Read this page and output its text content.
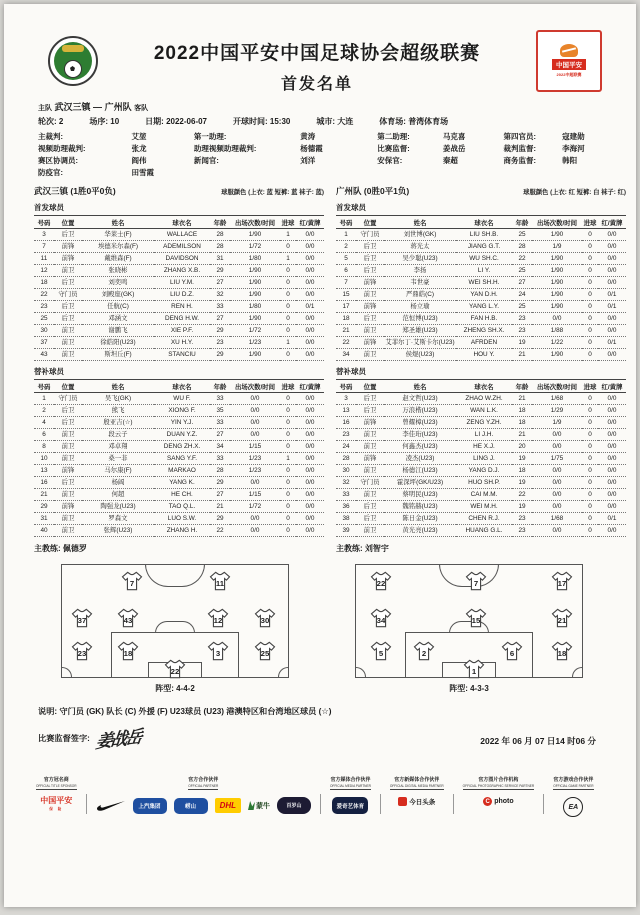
2022中国平安中国足球协会超级联赛
首发名单
中国平安
2022中超联赛
主队 武汉三镇 — 广州队 客队
轮次: 2	场序: 10	日期: 2022-06-07	开球时间: 15:30	城市: 大连	体育场: 普湾体育场
主裁判:	艾堃
视频助理裁判:	张龙
赛区协调员:	阎伟
防疫官:	田雪霞
第一助理:	黄涛
助理视频助理裁判:	杨德霞
新闻官:	刘洋
第二助理:	马克喜
比赛监督:	姜战岳
安保官:	秦超
第四官员:	寇建勋
裁判监督:	李海河
商务监督:	韩阳
武汉三镇 (1胜0平0负)	球服颜色 (上衣: 蓝 短裤: 蓝 袜子: 蓝)
首发球员
号码	位置	姓名	球衣名	年龄	出场次数/时间	进球	红/黄牌
3	后卫	华莱士(F)	WALLACE	28	1/90	1	0/0
7	前锋	埃德米尔森(F)	ADEMILSON	28	1/72	0	0/0
11	前锋	戴维森(F)	DAVIDSON	31	1/80	1	0/0
12	前卫	张晓彬	ZHANG X.B.	29	1/90	0	0/0
18	后卫	刘奕鸣	LIU Y.M.	27	1/90	0	0/0
22	守门员	刘殿座(GK)	LIU D.Z.	32	1/90	0	0/0
23	后卫	任航(C)	REN H.	33	1/80	0	0/1
25	后卫	邓涵文	DENG H.W.	27	1/90	0	0/0
30	前卫	谢鹏飞	XIE P.F.	29	1/72	0	0/0
37	前卫	徐皓阳(U23)	XU H.Y.	23	1/23	1	0/0
43	前卫	斯坦丘(F)	STANCIU	29	1/90	0	0/0
替补球员
号码	位置	姓名	球衣名	年龄	出场次数/时间	进球	红/黄牌
1	守门员	吴飞(GK)	WU F.	33	0/0	0	0/0
2	后卫	熊飞	XIONG F.	35	0/0	0	0/0
4	后卫	殷亚吉(☆)	YIN Y.J.	33	0/0	0	0/0
6	前卫	段云子	DUAN Y.Z.	27	0/0	0	0/0
8	前卫	邓卓翔	DENG ZH.X.	34	1/15	0	0/0
10	前卫	桑一非	SANG Y.F.	33	1/23	1	0/0
13	前锋	马尔康(F)	MARKAO	28	1/23	0	0/0
16	后卫	杨阔	YANG K.	29	0/0	0	0/0
21	前卫	何超	HE CH.	27	1/15	0	0/0
29	前锋	陶强龙(U23)	TAO Q.L.	21	1/72	0	0/0
31	前卫	罗森文	LUO S.W.	29	0/0	0	0/0
40	前卫	张辉(U23)	ZHANG H.	22	0/0	0	0/0
主教练: 佩德罗
广州队 (0胜0平1负)	球服颜色 (上衣: 红 短裤: 白 袜子: 红)
首发球员
号码	位置	姓名	球衣名	年龄	出场次数/时间	进球	红/黄牌
1	守门员	刘世博(GK)	LIU SH.B.	25	1/90	0	0/0
2	后卫	蒋光太	JIANG G.T.	28	1/9	0	0/0
5	后卫	吴少聪(U23)	WU SH.C.	22	1/90	0	0/0
6	后卫	李扬	LI Y.	25	1/90	0	0/0
7	前锋	韦世豪	WEI SH.H.	27	1/90	0	0/0
15	前卫	严鼎皓(C)	YAN D.H.	24	1/90	0	0/1
17	前锋	杨立瑜	YANG L.Y.	25	1/90	0	0/1
18	后卫	范恒博(U23)	FAN H.B.	23	0/0	0	0/0
21	前卫	郑圣雄(U23)	ZHENG SH.X.	23	1/88	0	0/0
22	前锋	艾菲尔丁·艾斯卡尔(U23)	AFRDEN	19	1/22	0	0/1
34	前卫	侯煜(U23)	HOU Y.	21	1/90	0	0/0
替补球员
号码	位置	姓名	球衣名	年龄	出场次数/时间	进球	红/黄牌
3	后卫	赵文哲(U23)	ZHAO W.ZH.	21	1/68	0	0/0
13	后卫	万浪楷(U23)	WAN L.K.	18	1/29	0	0/0
16	前锋	曾耀樟(U23)	ZENG Y.ZH.	18	1/9	0	0/0
23	前卫	李佳珩(U23)	LI J.H.	21	0/0	0	0/0
24	前卫	何鑫杰(U23)	HE X.J.	20	0/0	0	0/0
28	前锋	凌杰(U23)	LING J.	19	1/75	0	0/0
30	前卫	杨德江(U23)	YANG D.J.	18	0/0	0	0/0
32	守门员	霍深坪(GK/U23)	HUO SH.P.	19	0/0	0	0/0
33	前卫	蔡明民(U23)	CAI M.M.	22	0/0	0	0/0
36	后卫	魏铭赫(U23)	WEI M.H.	19	0/0	0	0/0
38	后卫	陈日金(U23)	CHEN R.J.	23	1/68	0	0/1
39	前卫	黄光亮(U23)	HUANG G.L.	23	0/0	0	0/0
主教练: 刘智宇
7	11
37	43	12	30
23	18	3	25
22
阵型: 4-4-2
22	7	17
34	15	21
5	2	6	18
1
阵型: 4-3-3
说明: 守门员 (GK) 队长 (C) 外援 (F) U23球员 (U23) 港澳特区和台湾地区球员 (☆)
比赛监督签字: 姜战岳	2022 年 06 月 07 日14 时06 分
官方冠名商
OFFICIAL TITLE SPONSOR
中国平安
保 险
官方合作伙伴
OFFICIAL PARTNER
上汽集团	崂山	DHL	蒙牛	百岁山
官方媒体合作伙伴
OFFICIAL MEDIA PARTNER
爱奇艺体育
官方新媒体合作伙伴
OFFICIAL DIGITAL MEDIA PARTNER
今日头条
官方图片合作机构
OFFICIAL PHOTOGRAPHIC SERVICE PARTNER
C photo
官方游戏合作伙伴
OFFICIAL GAME PARTNER
EA
